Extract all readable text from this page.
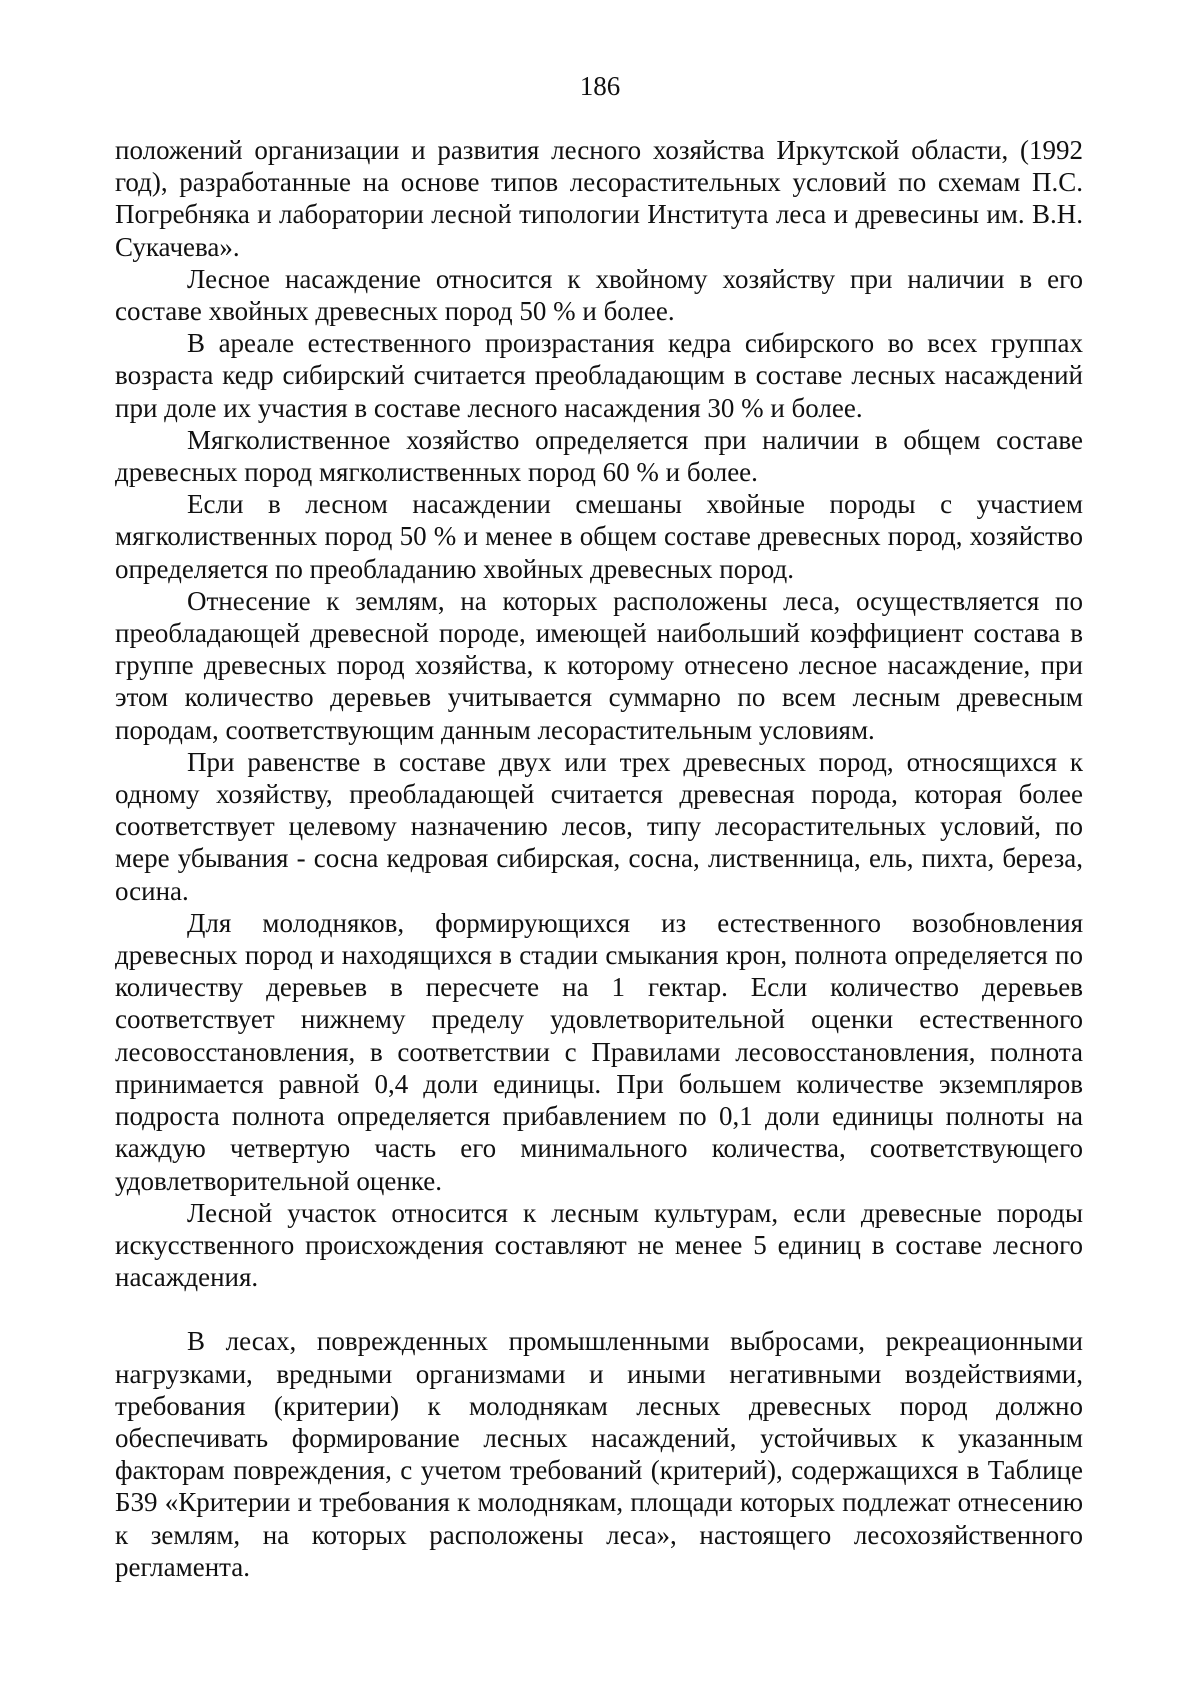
186

положений организации и развития лесного хозяйства Иркутской области, (1992 год), разработанные на основе типов лесорастительных условий по схемам П.С. Погребняка и лаборатории лесной типологии Института леса и древесины им. В.Н. Сукачева».

Лесное насаждение относится к хвойному хозяйству при наличии в его составе хвойных древесных пород 50 % и более.

В ареале естественного произрастания кедра сибирского во всех группах возраста кедр сибирский считается преобладающим в составе лесных насаждений при доле их участия в составе лесного насаждения 30 % и более.

Мягколиственное хозяйство определяется при наличии в общем составе древесных пород мягколиственных пород 60 % и более.

Если в лесном насаждении смешаны хвойные породы с участием мягколиственных пород 50 % и менее в общем составе древесных пород, хозяйство определяется по преобладанию хвойных древесных пород.

Отнесение к землям, на которых расположены леса, осуществляется по преобладающей древесной породе, имеющей наибольший коэффициент состава в группе древесных пород хозяйства, к которому отнесено лесное насаждение, при этом количество деревьев учитывается суммарно по всем лесным древесным породам, соответствующим данным лесорастительным условиям.

При равенстве в составе двух или трех древесных пород, относящихся к одному хозяйству, преобладающей считается древесная порода, которая более соответствует целевому назначению лесов, типу лесорастительных условий, по мере убывания - сосна кедровая сибирская, сосна, лиственница, ель, пихта, береза, осина.

Для молодняков, формирующихся из естественного возобновления древесных пород и находящихся в стадии смыкания крон, полнота определяется по количеству деревьев в пересчете на 1 гектар. Если количество деревьев соответствует нижнему пределу удовлетворительной оценки естественного лесовосстановления, в соответствии с Правилами лесовосстановления, полнота принимается равной 0,4 доли единицы. При большем количестве экземпляров подроста полнота определяется прибавлением по 0,1 доли единицы полноты на каждую четвертую часть его минимального количества, соответствующего удовлетворительной оценке.

Лесной участок относится к лесным культурам, если древесные породы искусственного происхождения составляют не менее 5 единиц в составе лесного насаждения.

В лесах, поврежденных промышленными выбросами, рекреационными нагрузками, вредными организмами и иными негативными воздействиями, требования (критерии) к молоднякам лесных древесных пород должно обеспечивать формирование лесных насаждений, устойчивых к указанным факторам повреждения, с учетом требований (критерий), содержащихся в Таблице Б39 «Критерии и требования к молоднякам, площади которых подлежат отнесению к землям, на которых расположены леса», настоящего лесохозяйственного регламента.
